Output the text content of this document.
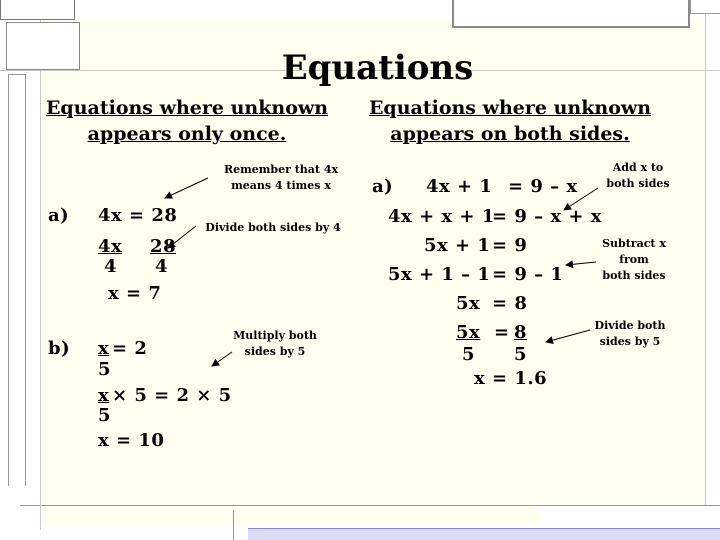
Equations
Equations where unknown
appears only once.
Equations where unknown
appears on both sides.
Remember that 4x
means 4 times x
Divide both sides by 4
Multiply both
sides by 5
a) 4x = 28
4x 28
4 4
x = 7
b) x = 2
5
x × 5 = 2 × 5
5
x = 10
a) 4x + 1 = 9 – x
4x + x + 1
= 9 – x + x
5x + 1 = 9
5x + 1 – 1 = 9 – 1
5x = 8
5x = 8
5 5
x = 1.6
Add x to
both sides
Subtract x
from
both sides
Divide both
sides by 5
